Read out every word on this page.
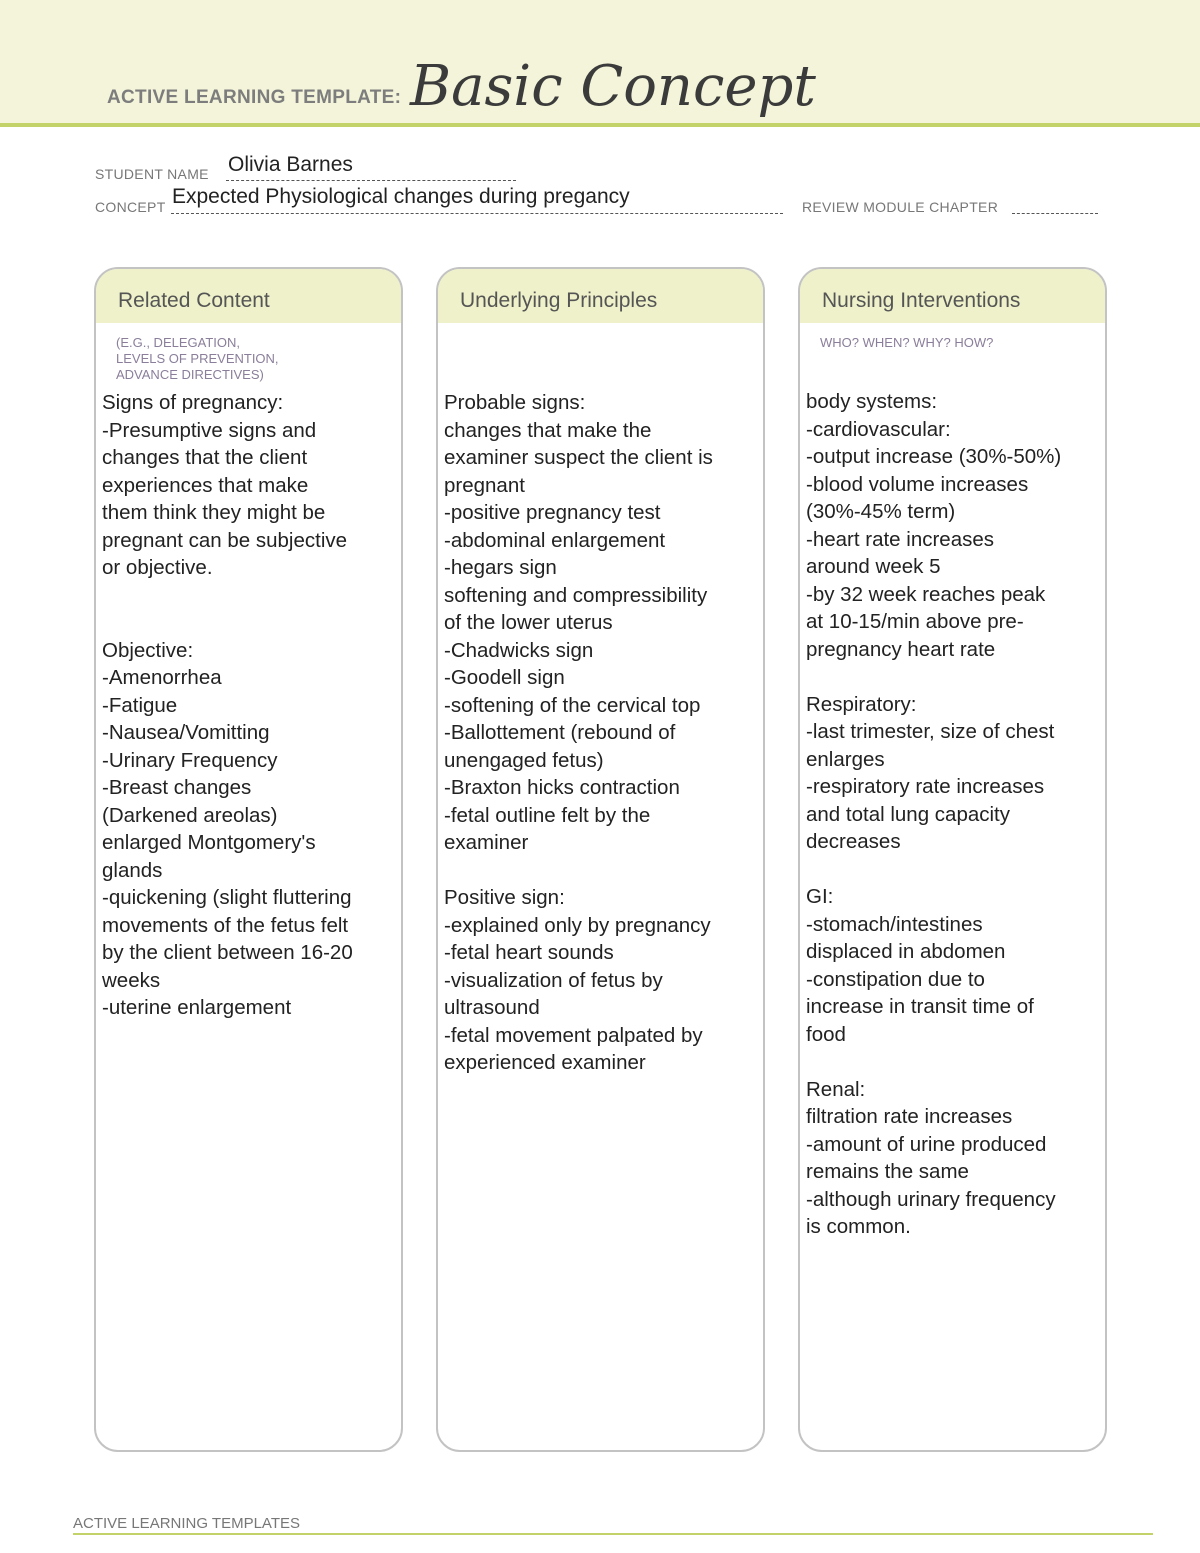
ACTIVE LEARNING TEMPLATE: Basic Concept
STUDENT NAME Olivia Barnes
CONCEPT Expected Physiological changes during pregancy	REVIEW MODULE CHAPTER
Related Content
(E.G., DELEGATION,
LEVELS OF PREVENTION,
ADVANCE DIRECTIVES)
Signs of pregnancy:
-Presumptive signs and
changes that the client
experiences that make
them think they might be
pregnant can be subjective
or objective.
Objective:
-Amenorrhea
-Fatigue
-Nausea/Vomitting
-Urinary Frequency
-Breast changes
(Darkened areolas)
enlarged Montgomery's
glands
-quickening (slight fluttering
movements of the fetus felt
by the client between 16-20
weeks
-uterine enlargement
Underlying Principles
Probable signs:
changes that make the
examiner suspect the client is
pregnant
-positive pregnancy test
-abdominal enlargement
-hegars sign
softening and compressibility
of the lower uterus
-Chadwicks sign
-Goodell sign
-softening of the cervical top
-Ballottement (rebound of
unengaged fetus)
-Braxton hicks contraction
-fetal outline felt by the
examiner
Positive sign:
-explained only by pregnancy
-fetal heart sounds
-visualization of fetus by
ultrasound
-fetal movement palpated by
experienced examiner
Nursing Interventions
WHO? WHEN? WHY? HOW?
body systems:
-cardiovascular:
-output increase (30%-50%)
-blood volume increases
(30%-45% term)
-heart rate increases
around week 5
-by 32 week reaches peak
at 10-15/min above pre-
pregnancy heart rate
Respiratory:
-last trimester, size of chest
enlarges
-respiratory rate increases
and total lung capacity
decreases
GI:
-stomach/intestines
displaced in abdomen
-constipation due to
increase in transit time of
food
Renal:
filtration rate increases
-amount of urine produced
remains the same
-although urinary frequency
is common.
ACTIVE LEARNING TEMPLATES
